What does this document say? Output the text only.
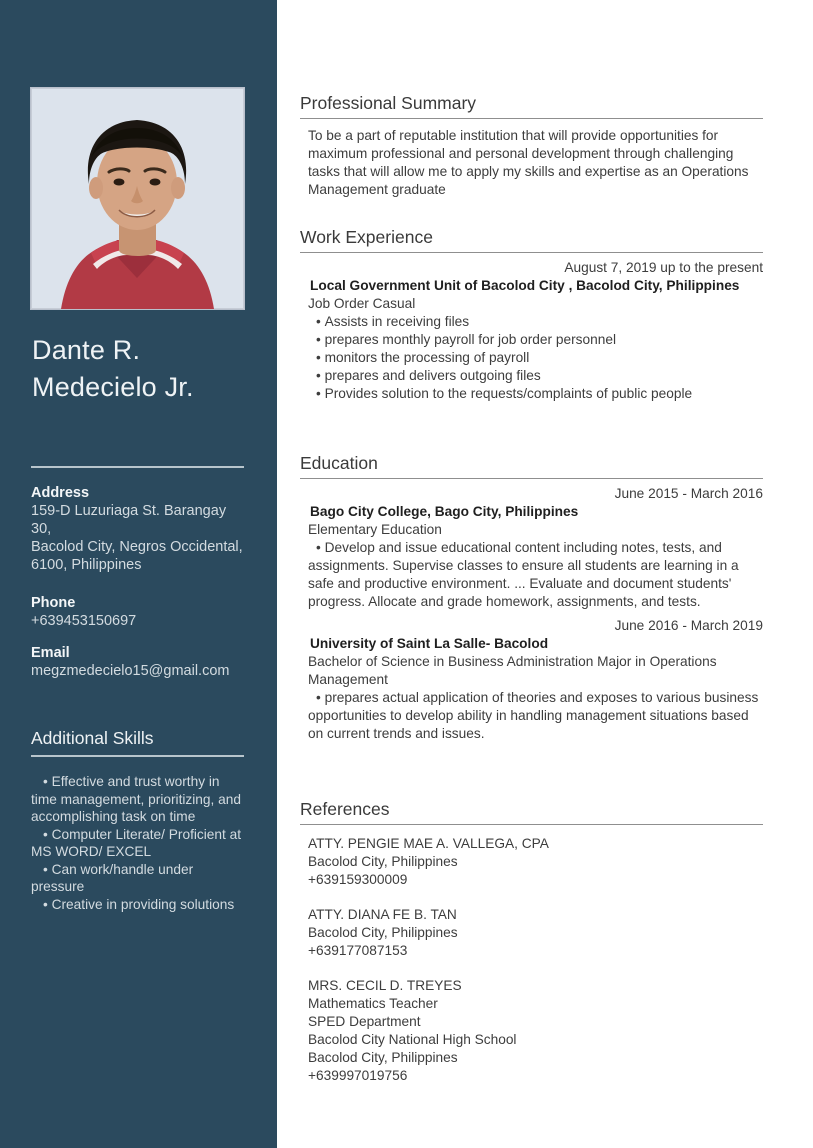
Dante R.
Medecielo Jr.

Address

159-D Luzuriaga St. Barangay 30,

Bacolod City, Negros Occidental,

6100, Philippines

Phone

+639453150697

Email

megzmedecielo15@gmail.com

Additional Skills

• Effective and trust worthy in time management, prioritizing, and accomplishing task on time

• Computer Literate/ Proficient at MS WORD/ EXCEL

• Can work/handle under pressure

• Creative in providing solutions

Professional Summary

To be a part of reputable institution that will provide opportunities for maximum professional and personal development through challenging tasks that will allow me to apply my skills and expertise as an Operations Management graduate

Work Experience

August 7, 2019 up to the present

Local Government Unit of Bacolod City , Bacolod City, Philippines

Job Order Casual

• Assists in receiving files

• prepares monthly payroll for job order personnel

• monitors the processing of payroll

• prepares and delivers outgoing files

• Provides solution to the requests/complaints of public people

Education

June 2015 - March 2016

Bago City College, Bago City, Philippines

Elementary Education

• Develop and issue educational content including notes, tests, and assignments. Supervise classes to ensure all students are learning in a safe and productive environment. ... Evaluate and document students' progress. Allocate and grade homework, assignments, and tests.

June 2016 - March 2019

University of Saint La Salle- Bacolod

Bachelor of Science in Business Administration Major in Operations Management

• prepares actual application of theories and exposes to various business opportunities to develop ability in handling management situations based on current trends and issues.

References

ATTY. PENGIE MAE A. VALLEGA, CPA

Bacolod City, Philippines

+639159300009

ATTY. DIANA FE B. TAN

Bacolod City, Philippines

+639177087153

MRS. CECIL D. TREYES

Mathematics Teacher

SPED Department

Bacolod City National High School

Bacolod City, Philippines

+639997019756
